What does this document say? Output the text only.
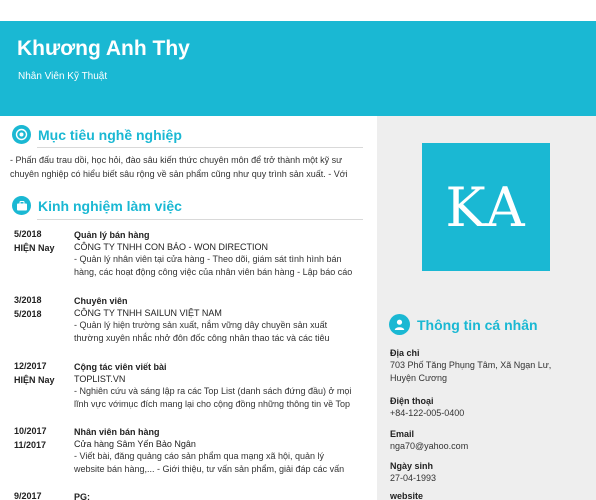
Khương Anh Thy
Nhân Viên Kỹ Thuật
Mục tiêu nghề nghiệp
- Phấn đấu trau dồi, học hỏi, đào sâu kiến thức chuyên môn để trở thành một kỹ sư
chuyên nghiệp có hiểu biết sâu rộng về sản phẩm cũng như quy trình sản xuất. - Với
Kinh nghiệm làm việc
5/2018
HIỆN Nay
Quản lý bán hàng
CÔNG TY TNHH CON BÁO - WON DIRECTION
- Quản lý nhân viên tại cửa hàng - Theo dõi, giám sát tình hình bán
hàng, các hoạt động công việc của nhân viên bán hàng - Lập báo cáo
3/2018
5/2018
Chuyên viên
CÔNG TY TNHH SAILUN VIỆT NAM
- Quản lý hiện trường sản xuất, nắm vững dây chuyền sản xuất
thường xuyên nhắc nhở đôn đốc công nhân thao tác và các tiêu
12/2017
HIỆN Nay
Cộng tác viên viết bài
TOPLIST.VN
- Nghiên cứu và sáng lập ra các Top List (danh sách đứng đầu) ở mọi
lĩnh vực vớimục đích mang lại cho cộng đồng những thông tin về Top
10/2017
11/2017
Nhân viên bán hàng
Cửa hàng Sâm Yến Bảo Ngân
- Viết bài, đăng quảng cáo sản phẩm qua mạng xã hội, quản lý
website bán hàng,... - Giới thiệu, tư vấn sản phẩm, giải đáp các vấn
9/2017	PG:
KA
Thông tin cá nhân
Địa chỉ
703 Phố Tăng Phụng Tâm, Xã Ngạn Lư,
Huyện Cương
Điện thoại
+84-122-005-0400
Email
nga70@yahoo.com
Ngày sinh
27-04-1993
website
